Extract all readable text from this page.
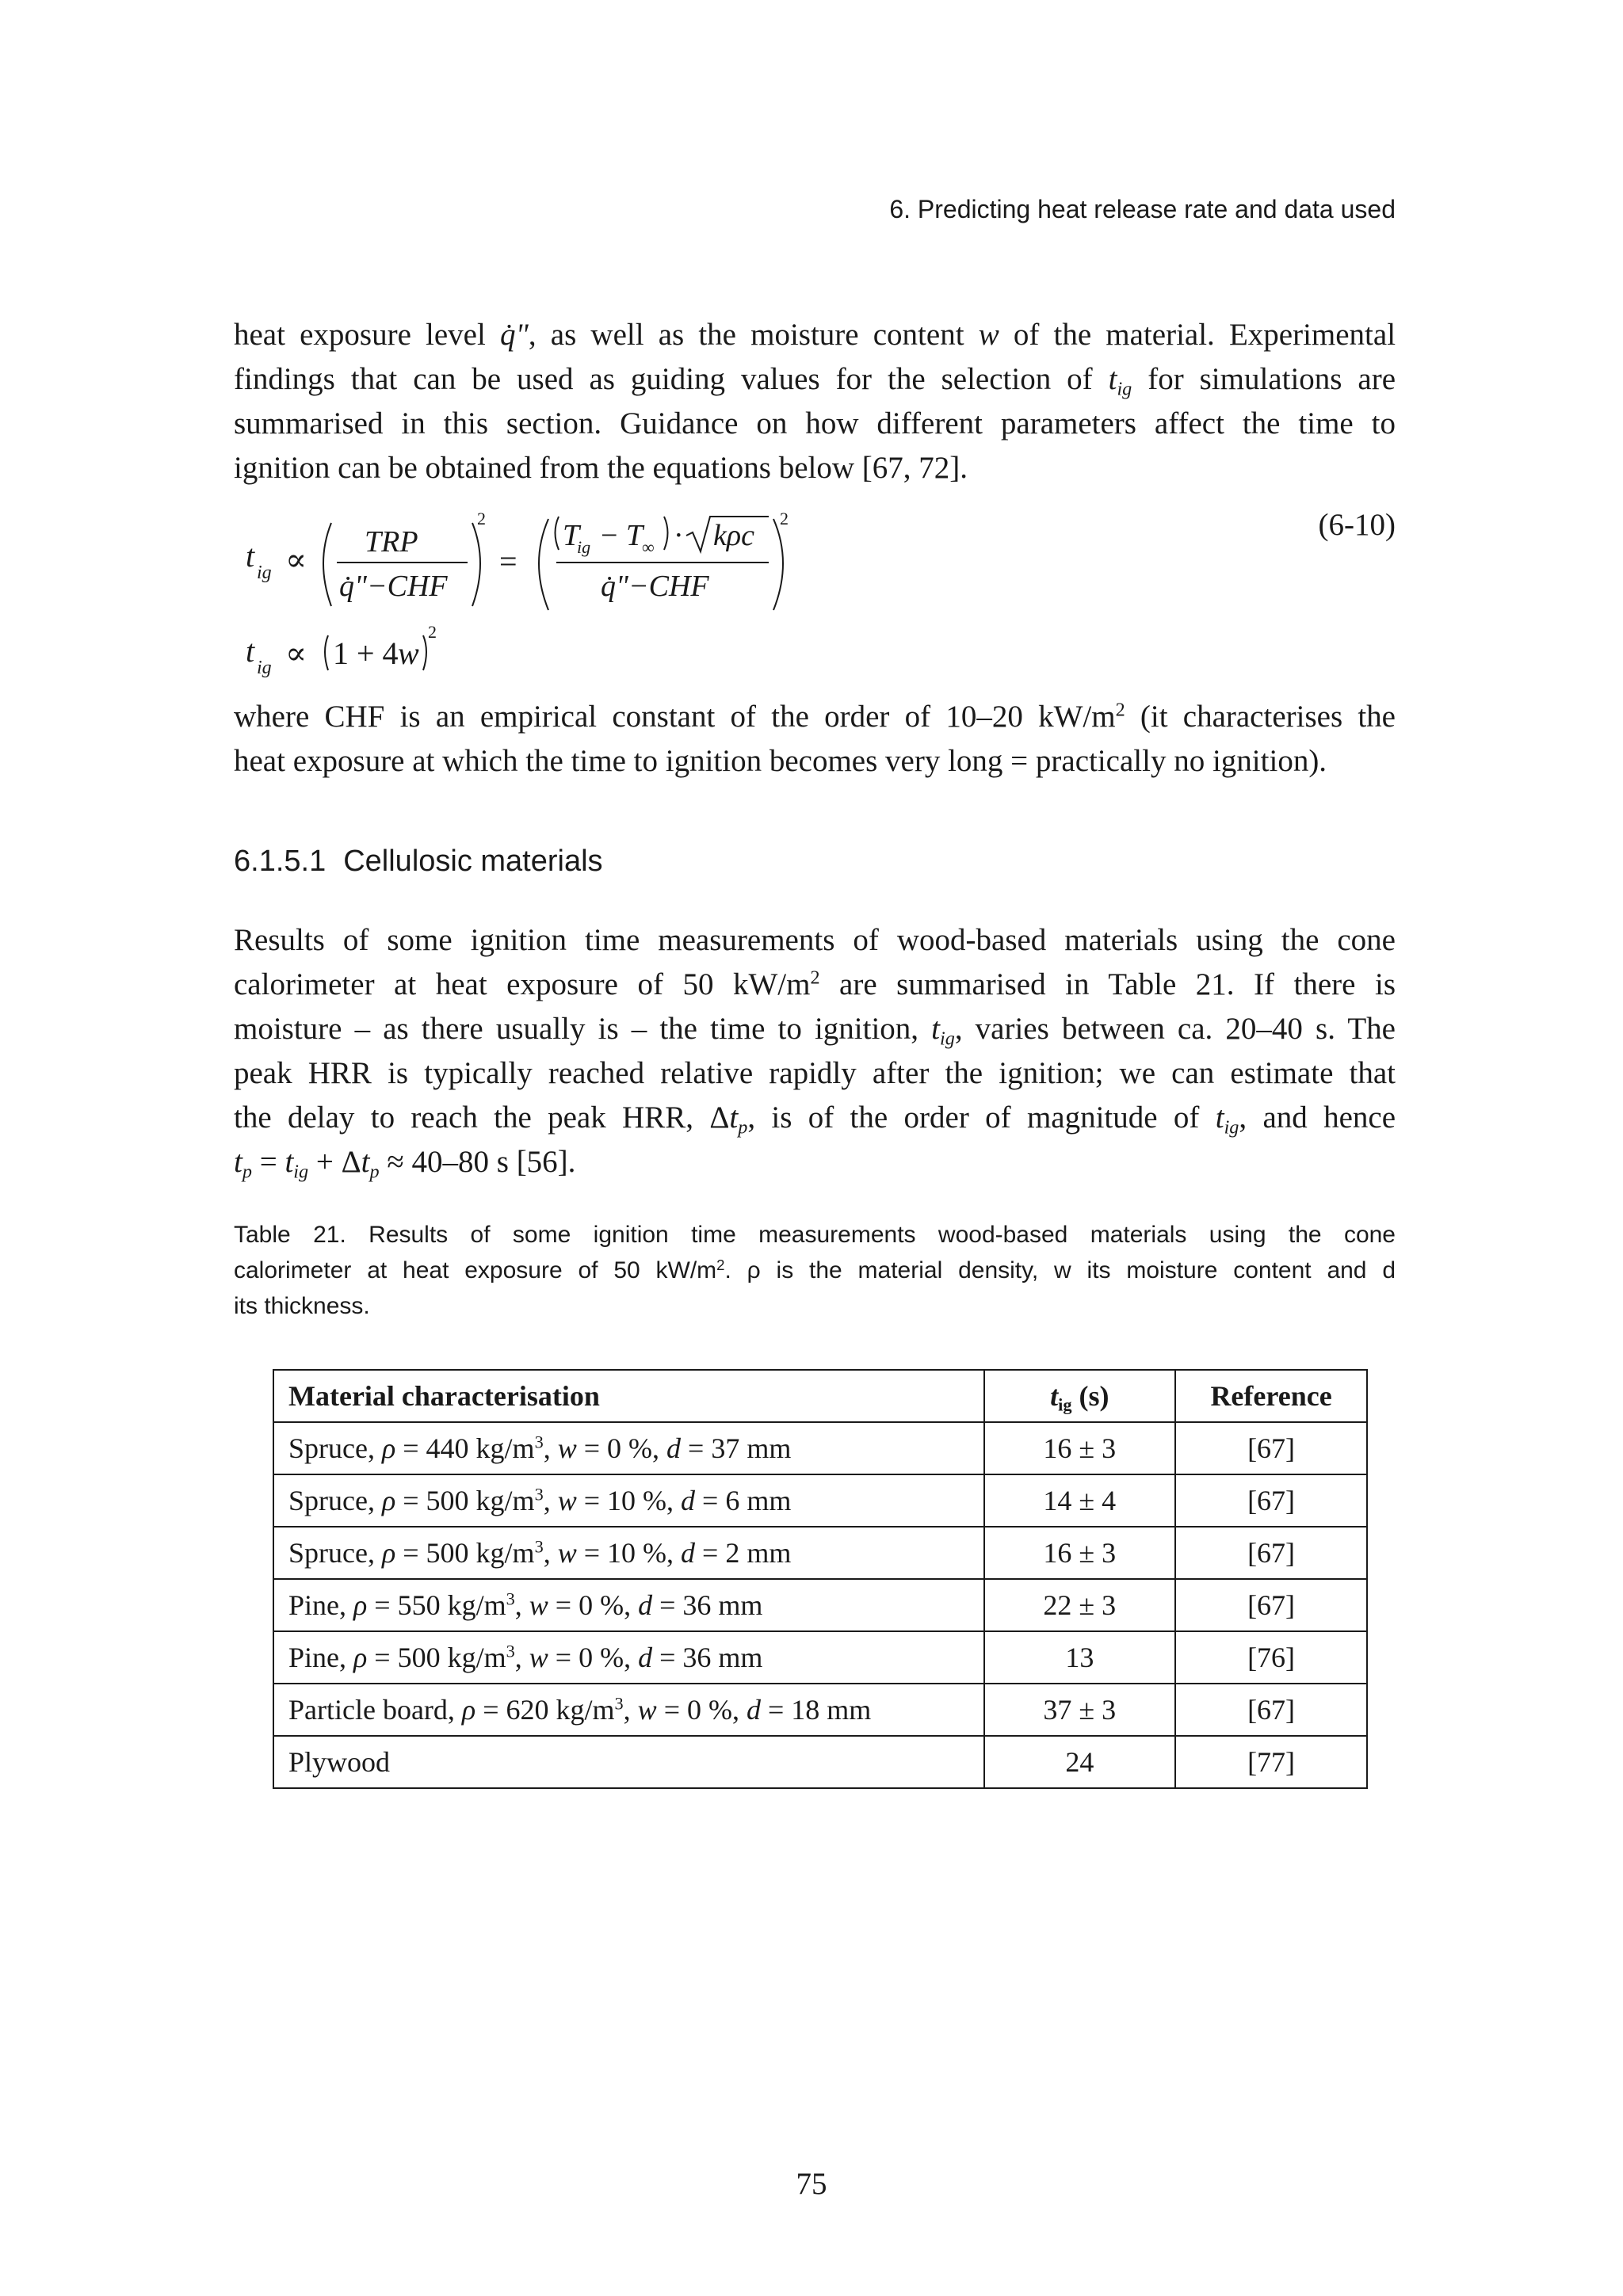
6. Predicting heat release rate and data used
heat exposure level q̇", as well as the moisture content w of the material. Experimental
findings that can be used as guiding values for the selection of $t_{ig}$ for simulations are
summarised in this section. Guidance on how different parameters affect the time to
ignition can be obtained from the equations below [67, 72].
(6-10)
t ig ∝ TRP
q̇"−CHF
2
=
T
ig − T
∞ · kρc
q̇"−CHF
2
t ig ∝ 1 + 4 w
2
where CHF is an empirical constant of the order of 10–20 $kW/m^2$ (it characterises the
heat exposure at which the time to ignition becomes very long = practically no ignition).
6.1.5.1 Cellulosic materials
Results of some ignition time measurements of wood-based materials using the cone
calorimeter at heat exposure of 50 $kW/m^2$ are summarised in Table 21. If there is
moisture – as there usually is – the time to ignition, $t_{ig}$, varies between ca. 20–40 s. The
peak HRR is typically reached relative rapidly after the ignition; we can estimate that
the delay to reach the peak HRR, $\Delta t_p$, is of the order of magnitude of $t_{ig}$, and hence
$t_p = t_{ig} + \Delta t_p \approx 40-80$ s [56].
Table 21. Results of some ignition time measurements wood-based materials using the cone
calorimeter at heat exposure of 50 $kW/m^2$. ρ is the material density, w its moisture content and d
its thickness.
Material characterisation	$t_{ig}$ (s)	Reference
Spruce, ρ = 440 $kg/m^3$, w = 0 %, d = 37 mm	16 ± 3	[67]
Spruce, ρ = 500 $kg/m^3$, w = 10 %, d = 6 mm	14 ± 4	[67]
Spruce, ρ = 500 $kg/m^3$, w = 10 %, d = 2 mm	16 ± 3	[67]
Pine, ρ = 550 $kg/m^3$, w = 0 %, d = 36 mm	22 ± 3	[67]
Pine, ρ = 500 $kg/m^3$, w = 0 %, d = 36 mm	13	[76]
Particle board, ρ = 620 $kg/m^3$, w = 0 %, d = 18 mm	37 ± 3	[67]
Plywood	24	[77]
75
